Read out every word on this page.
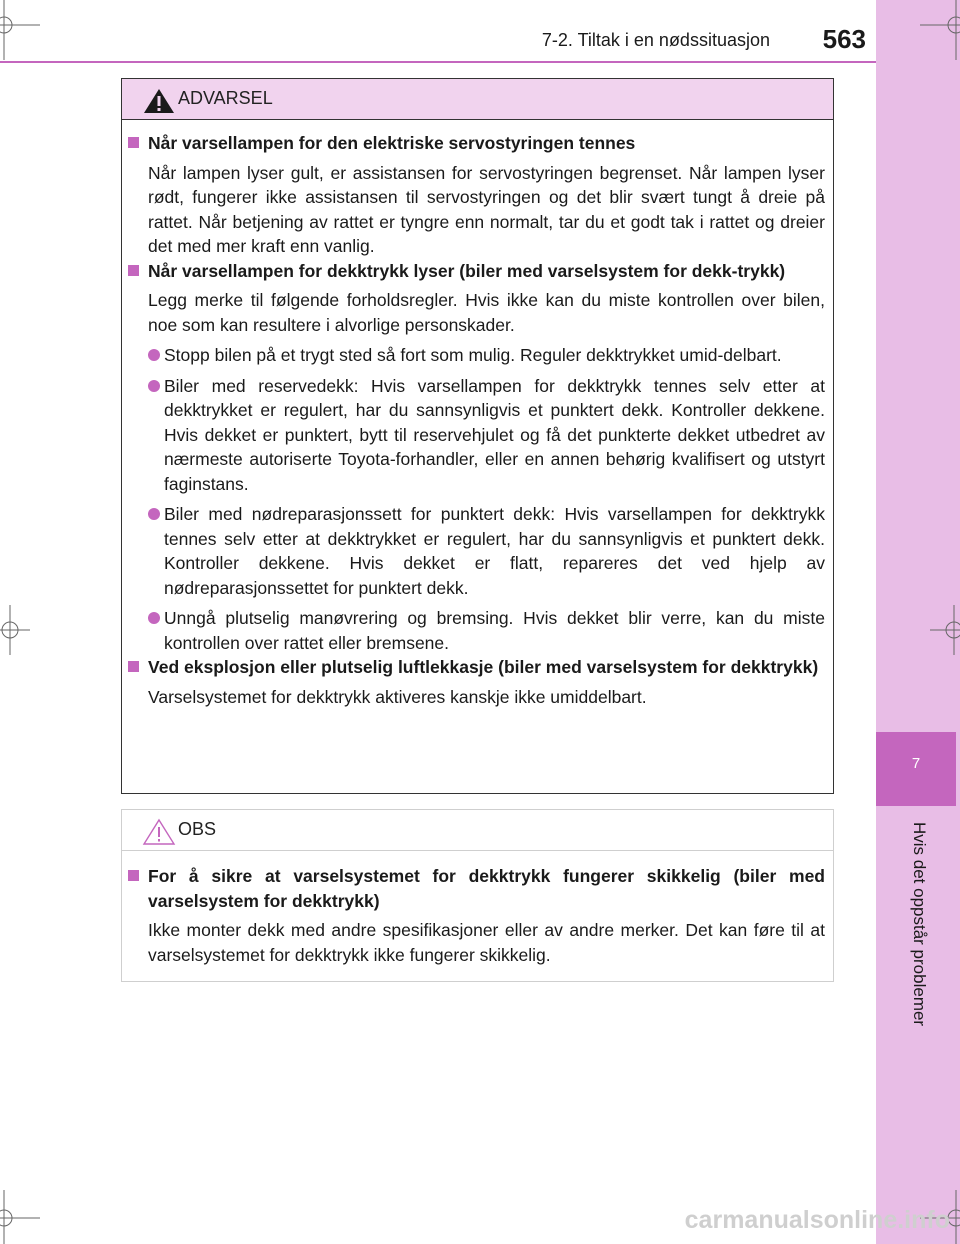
7
Hvis det oppstår problemer
7-2. Tiltak i en nødssituasjon	563
ADVARSEL
Når varsellampen for den elektriske servostyringen tennes
Når lampen lyser gult, er assistansen for servostyringen begrenset. Når lampen lyser rødt, fungerer ikke assistansen til servostyringen og det blir svært tungt å dreie på rattet. Når betjening av rattet er tyngre enn normalt, tar du et godt tak i rattet og dreier det med mer kraft enn vanlig.
Når varsellampen for dekktrykk lyser (biler med varselsystem for dekk-trykk)
Legg merke til følgende forholdsregler. Hvis ikke kan du miste kontrollen over bilen, noe som kan resultere i alvorlige personskader.
Stopp bilen på et trygt sted så fort som mulig. Reguler dekktrykket umid-delbart.
Biler med reservedekk: Hvis varsellampen for dekktrykk tennes selv etter at dekktrykket er regulert, har du sannsynligvis et punktert dekk. Kontroller dekkene. Hvis dekket er punktert, bytt til reservehjulet og få det punkterte dekket utbedret av nærmeste autoriserte Toyota-forhandler, eller en annen behørig kvalifisert og utstyrt faginstans.
Biler med nødreparasjonssett for punktert dekk: Hvis varsellampen for dekktrykk tennes selv etter at dekktrykket er regulert, har du sannsynligvis et punktert dekk. Kontroller dekkene. Hvis dekket er flatt, repareres det ved hjelp av nødreparasjonssettet for punktert dekk.
Unngå plutselig manøvrering og bremsing. Hvis dekket blir verre, kan du miste kontrollen over rattet eller bremsene.
Ved eksplosjon eller plutselig luftlekkasje (biler med varselsystem for dekktrykk)
Varselsystemet for dekktrykk aktiveres kanskje ikke umiddelbart.
OBS
For å sikre at varselsystemet for dekktrykk fungerer skikkelig (biler med varselsystem for dekktrykk)
Ikke monter dekk med andre spesifikasjoner eller av andre merker. Det kan føre til at varselsystemet for dekktrykk ikke fungerer skikkelig.
carmanualsonline.info
